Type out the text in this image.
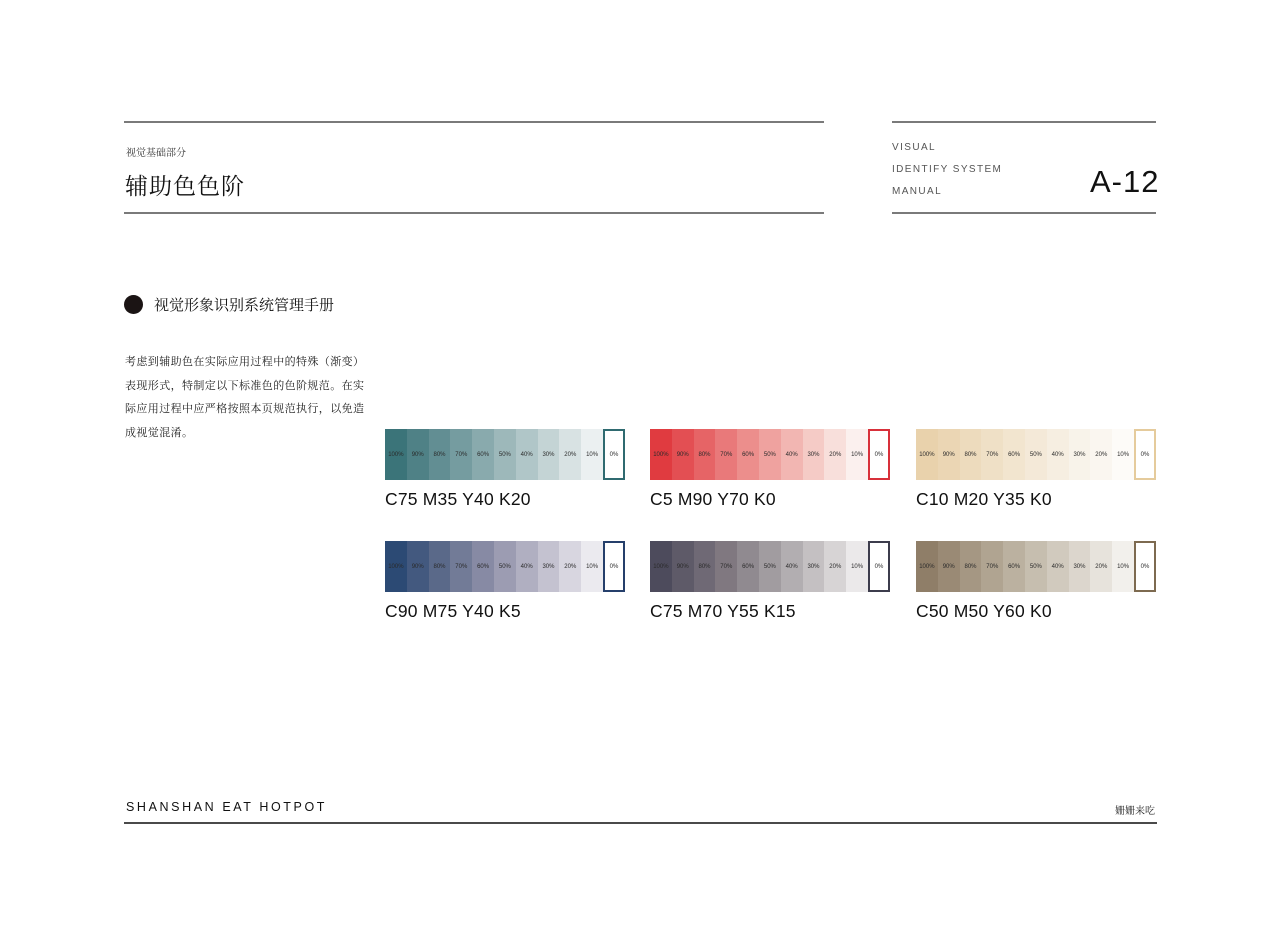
视觉基础部分
辅助色色阶
VISUAL
IDENTIFY SYSTEM
MANUAL	A-12
视觉形象识别系统管理手册
考虑到辅助色在实际应用过程中的特殊（渐变）表现形式，特制定以下标准色的色阶规范。在实际应用过程中应严格按照本页规范执行，以免造成视觉混淆。
100%	90%	80%	70%	60%	50%	40%	30%	20%	10%	0%
C75 M35 Y40 K20
100%	90%	80%	70%	60%	50%	40%	30%	20%	10%	0%
C5 M90 Y70 K0
100%	90%	80%	70%	60%	50%	40%	30%	20%	10%	0%
C10 M20 Y35 K0
100%	90%	80%	70%	60%	50%	40%	30%	20%	10%	0%
C90 M75 Y40 K5
100%	90%	80%	70%	60%	50%	40%	30%	20%	10%	0%
C75 M70 Y55 K15
100%	90%	80%	70%	60%	50%	40%	30%	20%	10%	0%
C50 M50 Y60 K0
SHANSHAN EAT HOTPOT	姗姗来吃
